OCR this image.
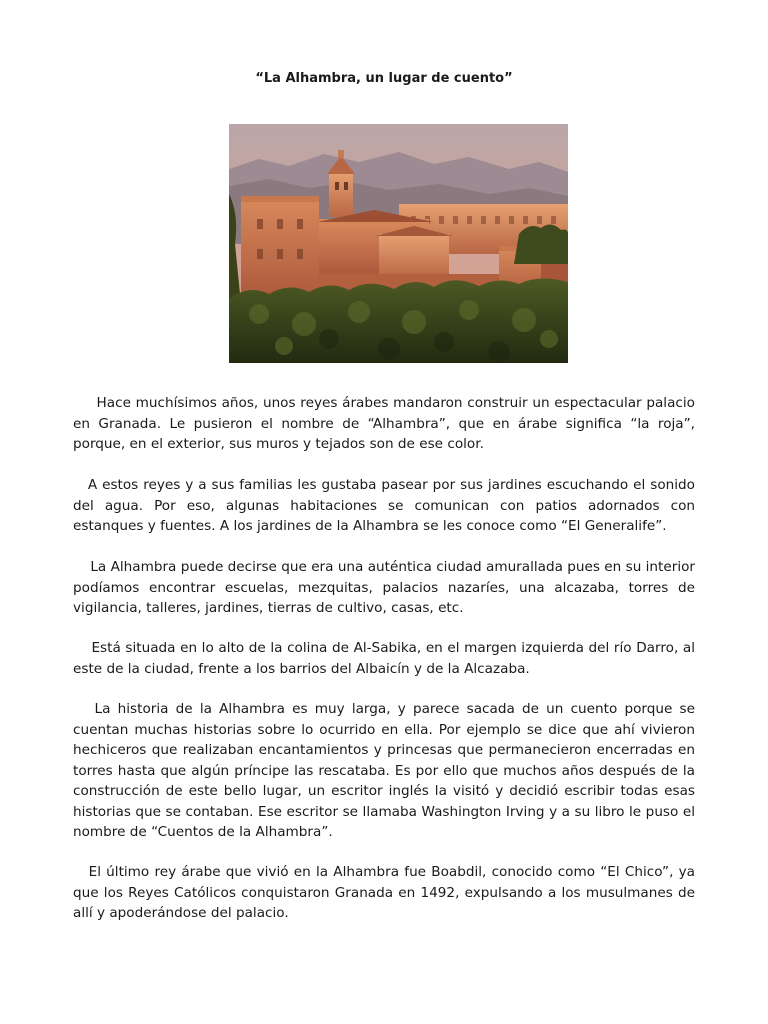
“La Alhambra, un lugar de cuento”

Hace muchísimos años, unos reyes árabes mandaron construir un espectacular palacio en Granada. Le pusieron el nombre de “Alhambra”, que en árabe significa “la roja”, porque, en el exterior, sus muros y tejados son de ese color.

A estos reyes y a sus familias les gustaba pasear por sus jardines escuchando el sonido del agua. Por eso, algunas habitaciones se comunican con patios adornados con estanques y fuentes. A los jardines de la Alhambra se les conoce como “El Generalife”.

La Alhambra puede decirse que era una auténtica ciudad amurallada pues en su interior podíamos encontrar escuelas, mezquitas, palacios nazaríes, una alcazaba, torres de vigilancia, talleres, jardines, tierras de cultivo, casas, etc.

Está situada en lo alto de la colina de Al-Sabika, en el margen izquierda del río Darro, al este de la ciudad, frente a los barrios del Albaicín y de la Alcazaba.

La historia de la Alhambra es muy larga, y parece sacada de un cuento porque se cuentan muchas historias sobre lo ocurrido en ella. Por ejemplo se dice que ahí vivieron hechiceros que realizaban encantamientos y princesas que permanecieron encerradas en torres hasta que algún príncipe las rescataba. Es por ello que muchos años después de la construcción de este bello lugar, un escritor inglés la visitó y decidió escribir todas esas historias que se contaban. Ese escritor se llamaba Washington Irving y a su libro le puso el nombre de “Cuentos de la Alhambra”.

El último rey árabe que vivió en la Alhambra fue Boabdil, conocido como “El Chico”, ya que los Reyes Católicos conquistaron Granada en 1492, expulsando a los musulmanes de allí y apoderándose del palacio.
